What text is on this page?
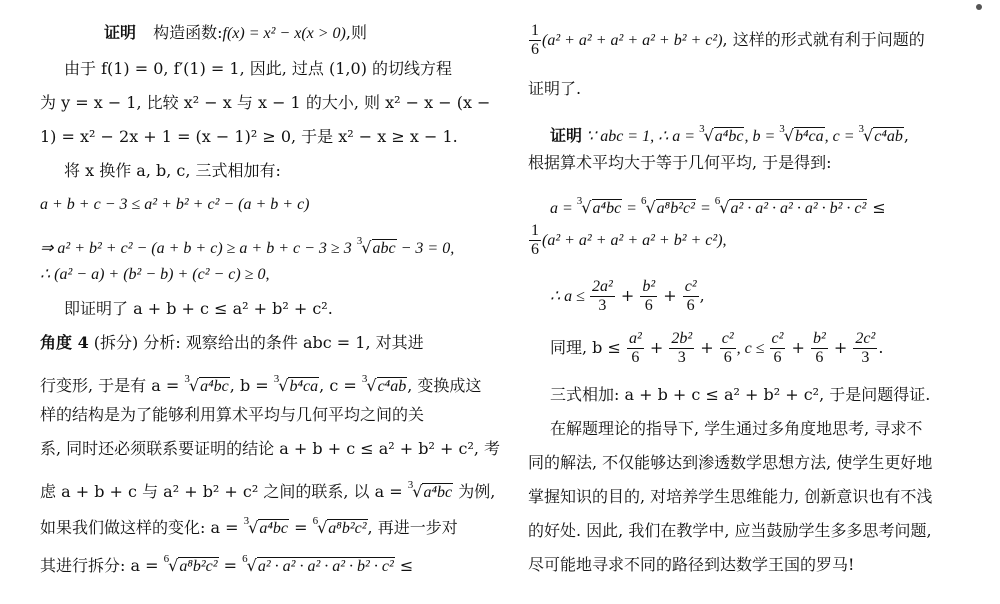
证明 构造函数:f(x) = x² − x(x > 0),则
由于 f(1) = 0, f′(1) = 1, 因此, 过点 (1,0) 的切线方程
为 y = x − 1, 比较 x² − x 与 x − 1 的大小, 则 x² − x − (x −
1) = x² − 2x + 1 = (x − 1)² ≥ 0, 于是 x² − x ≥ x − 1.
将 x 换作 a, b, c, 三式相加有:
a + b + c − 3 ≤ a² + b² + c² − (a + b + c)
⇒ a² + b² + c² − (a + b + c) ≥ a + b + c − 3 ≥ 3 $^3$√abc − 3 = 0,
∴ (a² − a) + (b² − b) + (c² − c) ≥ 0,
即证明了 a + b + c ≤ a² + b² + c².
角度 4 (拆分) 分析: 观察给出的条件 abc = 1, 对其进
行变形, 于是有 a = $^3$√a⁴bc, b = $^3$√b⁴ca, c = $^3$√c⁴ab, 变换成这
样的结构是为了能够利用算术平均与几何平均之间的关
系, 同时还必须联系要证明的结论 a + b + c ≤ a² + b² + c², 考
虑 a + b + c 与 a² + b² + c² 之间的联系, 以 a = $^3$√a⁴bc 为例,
如果我们做这样的变化: a = $^3$√a⁴bc = $^6$√a⁸b²c², 再进一步对
其进行拆分: a = $^6$√a⁸b²c² = $^6$√a² · a² · a² · a² · b² · c² ≤
$\frac{1}{6} (a^2 + a^2 + a^2 + a^2 + b^2 + c^2)$, 这样的形式就有利于问题的
证明了.
证明 ∵ abc = 1, ∴ a = $^3$√a⁴bc, b = $^3$√b⁴ca, c = $^3$√c⁴ab,
根据算术平均大于等于几何平均, 于是得到:
a = $^3$√a⁴bc = $^6$√a⁸b²c² = $^6$√a² · a² · a² · a² · b² · c² ≤
$\frac{1}{6} (a^2 + a^2 + a^2 + a^2 + b^2 + c^2)$,
∴ $a \le \frac{\text{2a²}}{3} + \frac{\text{b²}}{6} + \frac{\text{c²}}{6}$ ,
同理, $b \le \frac{\text{a²}}{6} + \frac{\text{2b²}}{3} + \frac{\text{c²}}{6}$ , $c \le \frac{\text{c²}}{6} + \frac{\text{b²}}{6} + \frac{\text{2c²}}{3}$ .
三式相加: a + b + c ≤ a² + b² + c², 于是问题得证.
在解题理论的指导下, 学生通过多角度地思考, 寻求不
同的解法, 不仅能够达到渗透数学思想方法, 使学生更好地
掌握知识的目的, 对培养学生思维能力, 创新意识也有不浅
的好处. 因此, 我们在教学中, 应当鼓励学生多多思考问题,
尽可能地寻求不同的路径到达数学王国的罗马!
